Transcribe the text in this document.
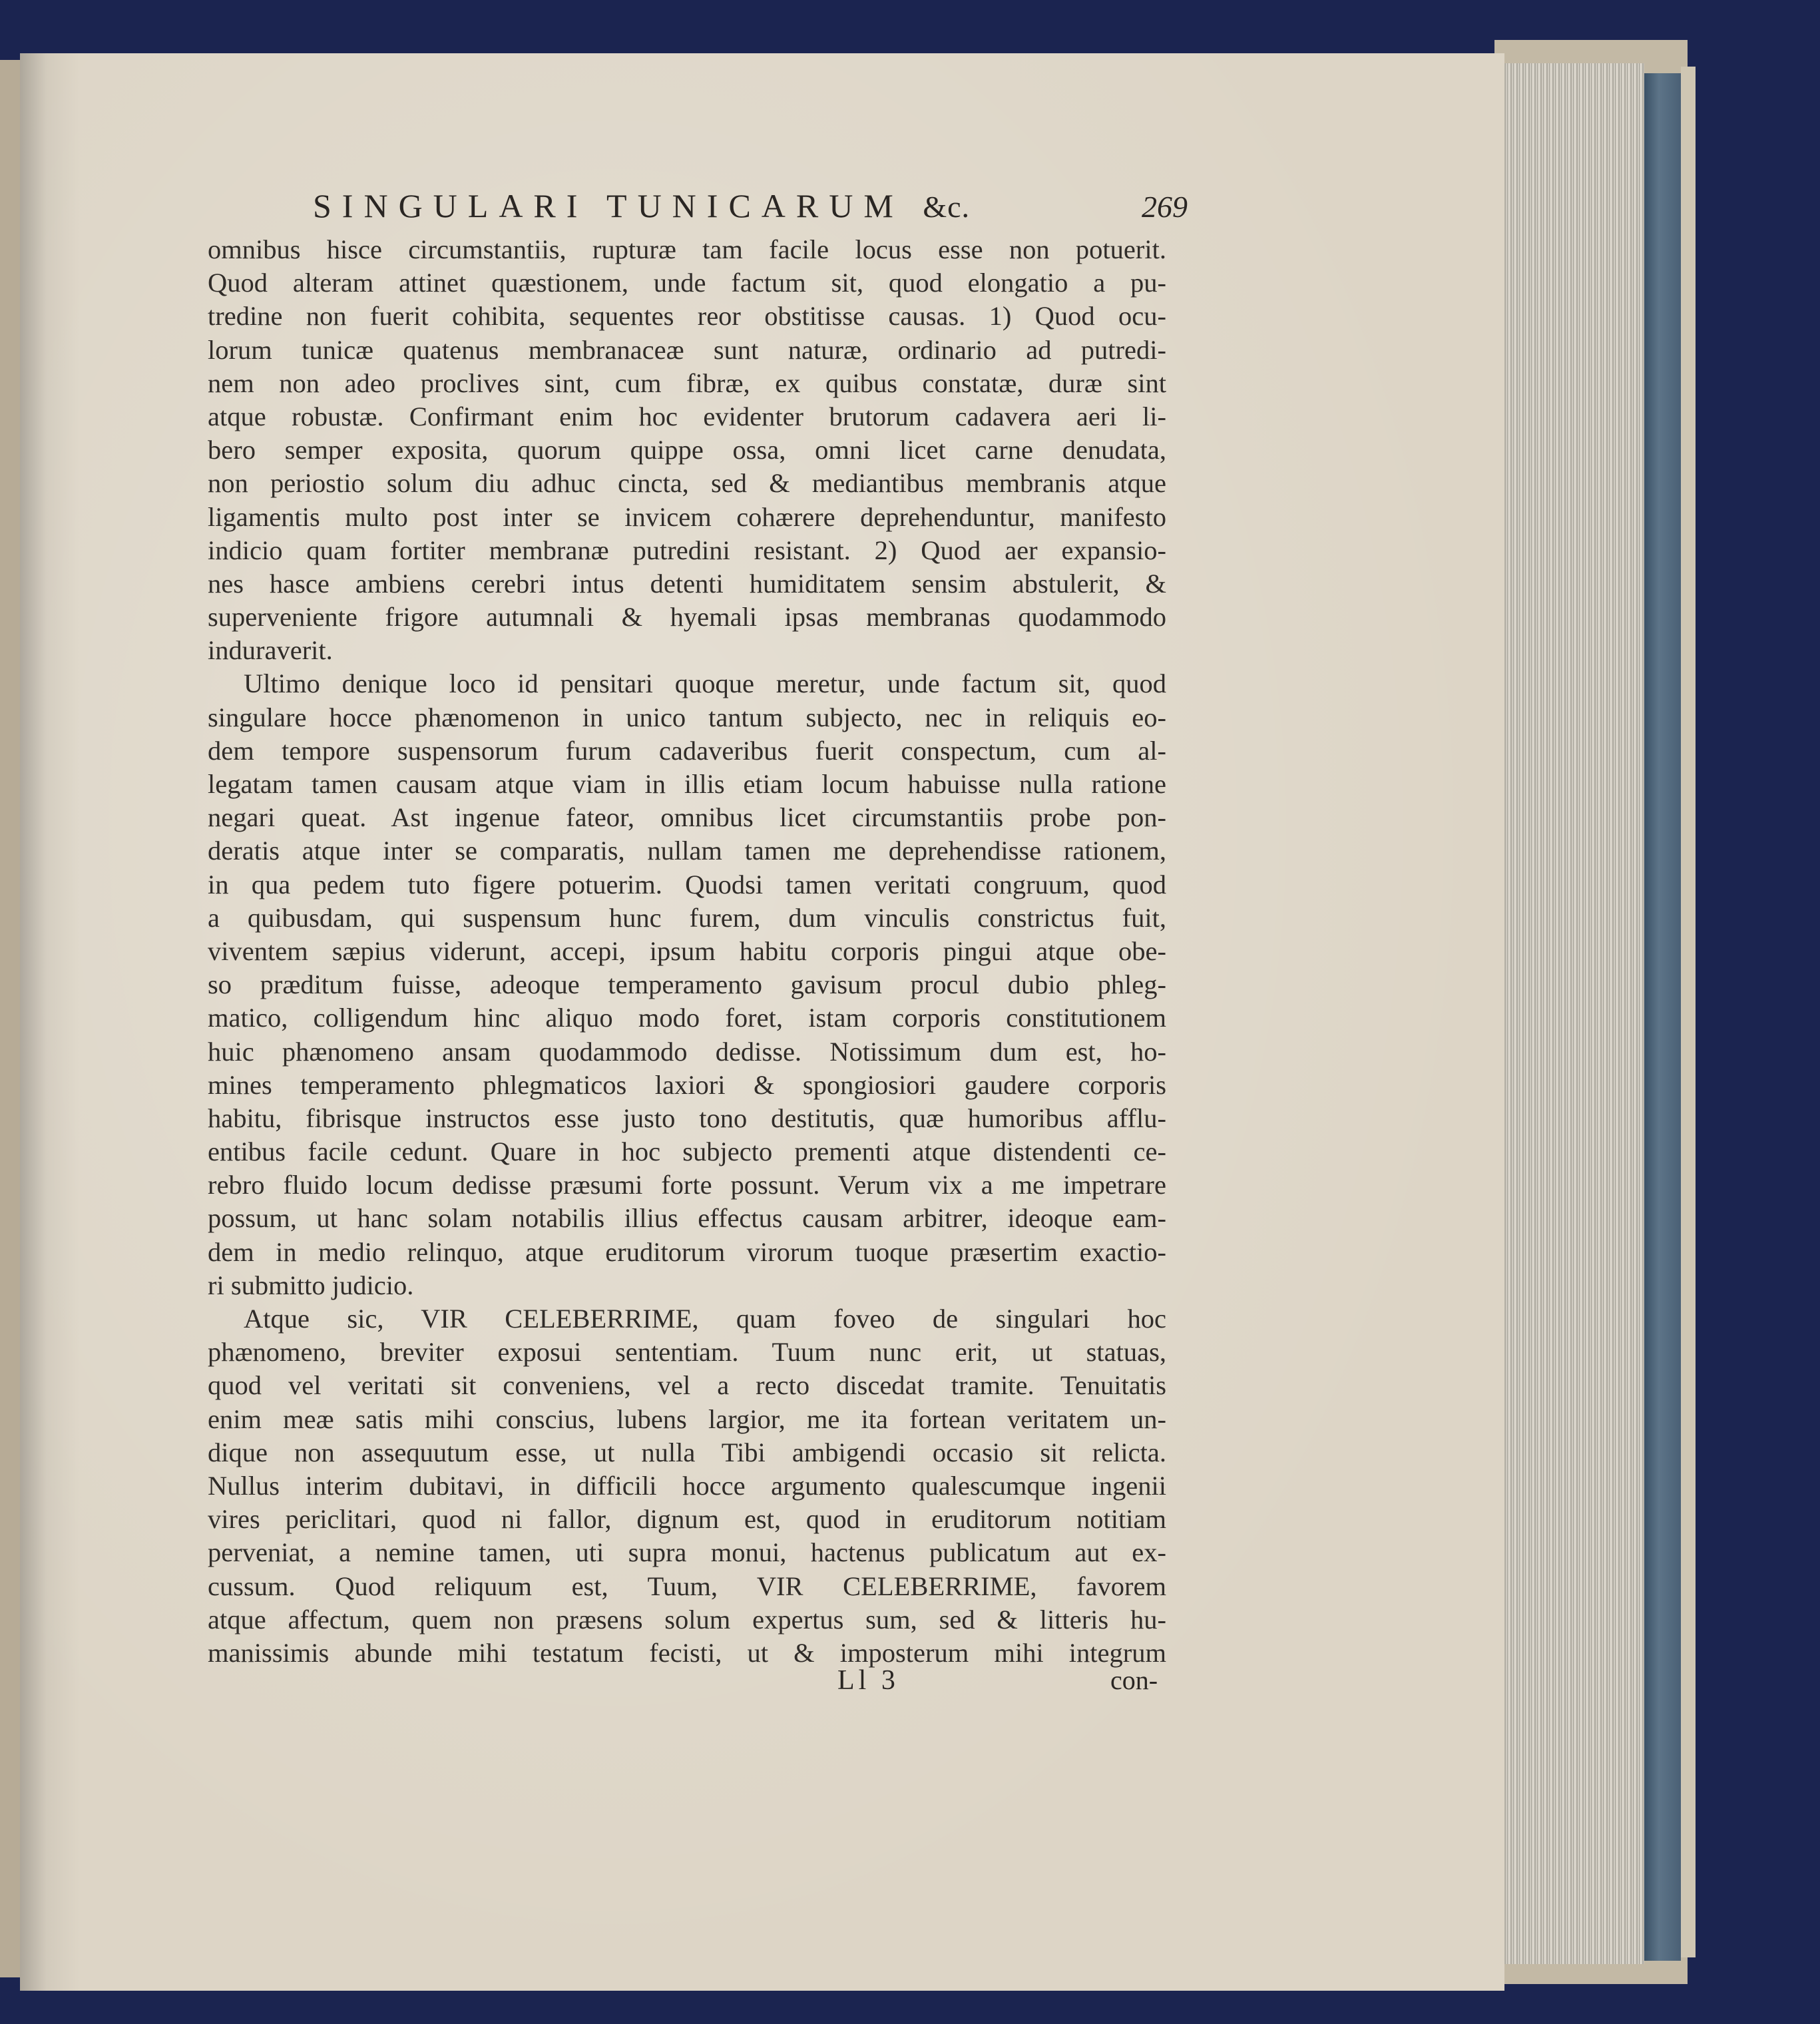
SINGULARI TUNICARUM &c.	269
omnibus hisce circumstantiis, rupturæ tam facile locus esse non potuerit.
Quod alteram attinet quæstionem, unde factum sit, quod elongatio a pu-
tredine non fuerit cohibita, sequentes reor obstitisse causas. 1) Quod ocu-
lorum tunicæ quatenus membranaceæ sunt naturæ, ordinario ad putredi-
nem non adeo proclives sint, cum fibræ, ex quibus constatæ, duræ sint
atque robustæ. Confirmant enim hoc evidenter brutorum cadavera aeri li-
bero semper exposita, quorum quippe ossa, omni licet carne denudata,
non periostio solum diu adhuc cincta, sed & mediantibus membranis atque
ligamentis multo post inter se invicem cohærere deprehenduntur, manifesto
indicio quam fortiter membranæ putredini resistant. 2) Quod aer expansio-
nes hasce ambiens cerebri intus detenti humiditatem sensim abstulerit, &
superveniente frigore autumnali & hyemali ipsas membranas quodammodo
induraverit.
Ultimo denique loco id pensitari quoque meretur, unde factum sit, quod
singulare hocce phænomenon in unico tantum subjecto, nec in reliquis eo-
dem tempore suspensorum furum cadaveribus fuerit conspectum, cum al-
legatam tamen causam atque viam in illis etiam locum habuisse nulla ratione
negari queat. Ast ingenue fateor, omnibus licet circumstantiis probe pon-
deratis atque inter se comparatis, nullam tamen me deprehendisse rationem,
in qua pedem tuto figere potuerim. Quodsi tamen veritati congruum, quod
a quibusdam, qui suspensum hunc furem, dum vinculis constrictus fuit,
viventem sæpius viderunt, accepi, ipsum habitu corporis pingui atque obe-
so præditum fuisse, adeoque temperamento gavisum procul dubio phleg-
matico, colligendum hinc aliquo modo foret, istam corporis constitutionem
huic phænomeno ansam quodammodo dedisse. Notissimum dum est, ho-
mines temperamento phlegmaticos laxiori & spongiosiori gaudere corporis
habitu, fibrisque instructos esse justo tono destitutis, quæ humoribus afflu-
entibus facile cedunt. Quare in hoc subjecto prementi atque distendenti ce-
rebro fluido locum dedisse præsumi forte possunt. Verum vix a me impetrare
possum, ut hanc solam notabilis illius effectus causam arbitrer, ideoque eam-
dem in medio relinquo, atque eruditorum virorum tuoque præsertim exactio-
ri submitto judicio.
Atque sic, VIR CELEBERRIME, quam foveo de singulari hoc
phænomeno, breviter exposui sententiam. Tuum nunc erit, ut statuas,
quod vel veritati sit conveniens, vel a recto discedat tramite. Tenuitatis
enim meæ satis mihi conscius, lubens largior, me ita fortean veritatem un-
dique non assequutum esse, ut nulla Tibi ambigendi occasio sit relicta.
Nullus interim dubitavi, in difficili hocce argumento qualescumque ingenii
vires periclitari, quod ni fallor, dignum est, quod in eruditorum notitiam
perveniat, a nemine tamen, uti supra monui, hactenus publicatum aut ex-
cussum. Quod reliquum est, Tuum, VIR CELEBERRIME, favorem
atque affectum, quem non præsens solum expertus sum, sed & litteris hu-
manissimis abunde mihi testatum fecisti, ut & imposterum mihi integrum
Ll 3	con-
